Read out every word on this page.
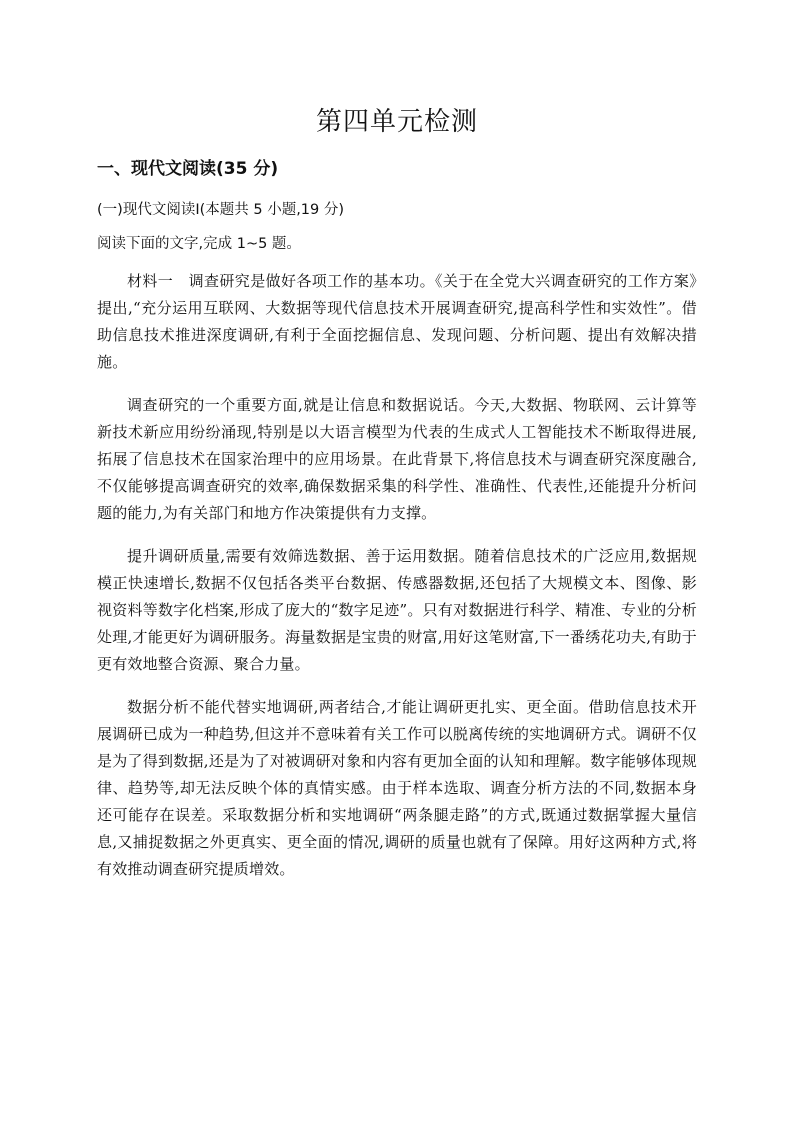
第四单元检测
一、现代文阅读(35 分)
(一)现代文阅读Ⅰ(本题共 5 小题,19 分)
阅读下面的文字,完成 1~5 题。

材料一  调查研究是做好各项工作的基本功。《关于在全党大兴调查研究的工作方案》提出,“充分运用互联网、大数据等现代信息技术开展调查研究,提高科学性和实效性”。借助信息技术推进深度调研,有利于全面挖掘信息、发现问题、分析问题、提出有效解决措施。

调查研究的一个重要方面,就是让信息和数据说话。今天,大数据、物联网、云计算等新技术新应用纷纷涌现,特别是以大语言模型为代表的生成式人工智能技术不断取得进展,拓展了信息技术在国家治理中的应用场景。在此背景下,将信息技术与调查研究深度融合,不仅能够提高调查研究的效率,确保数据采集的科学性、准确性、代表性,还能提升分析问题的能力,为有关部门和地方作决策提供有力支撑。

提升调研质量,需要有效筛选数据、善于运用数据。随着信息技术的广泛应用,数据规模正快速增长,数据不仅包括各类平台数据、传感器数据,还包括了大规模文本、图像、影视资料等数字化档案,形成了庞大的“数字足迹”。只有对数据进行科学、精准、专业的分析处理,才能更好为调研服务。海量数据是宝贵的财富,用好这笔财富,下一番绣花功夫,有助于更有效地整合资源、聚合力量。

数据分析不能代替实地调研,两者结合,才能让调研更扎实、更全面。借助信息技术开展调研已成为一种趋势,但这并不意味着有关工作可以脱离传统的实地调研方式。调研不仅是为了得到数据,还是为了对被调研对象和内容有更加全面的认知和理解。数字能够体现规律、趋势等,却无法反映个体的真情实感。由于样本选取、调查分析方法的不同,数据本身还可能存在误差。采取数据分析和实地调研“两条腿走路”的方式,既通过数据掌握大量信息,又捕捉数据之外更真实、更全面的情况,调研的质量也就有了保障。用好这两种方式,将有效推动调查研究提质增效。
